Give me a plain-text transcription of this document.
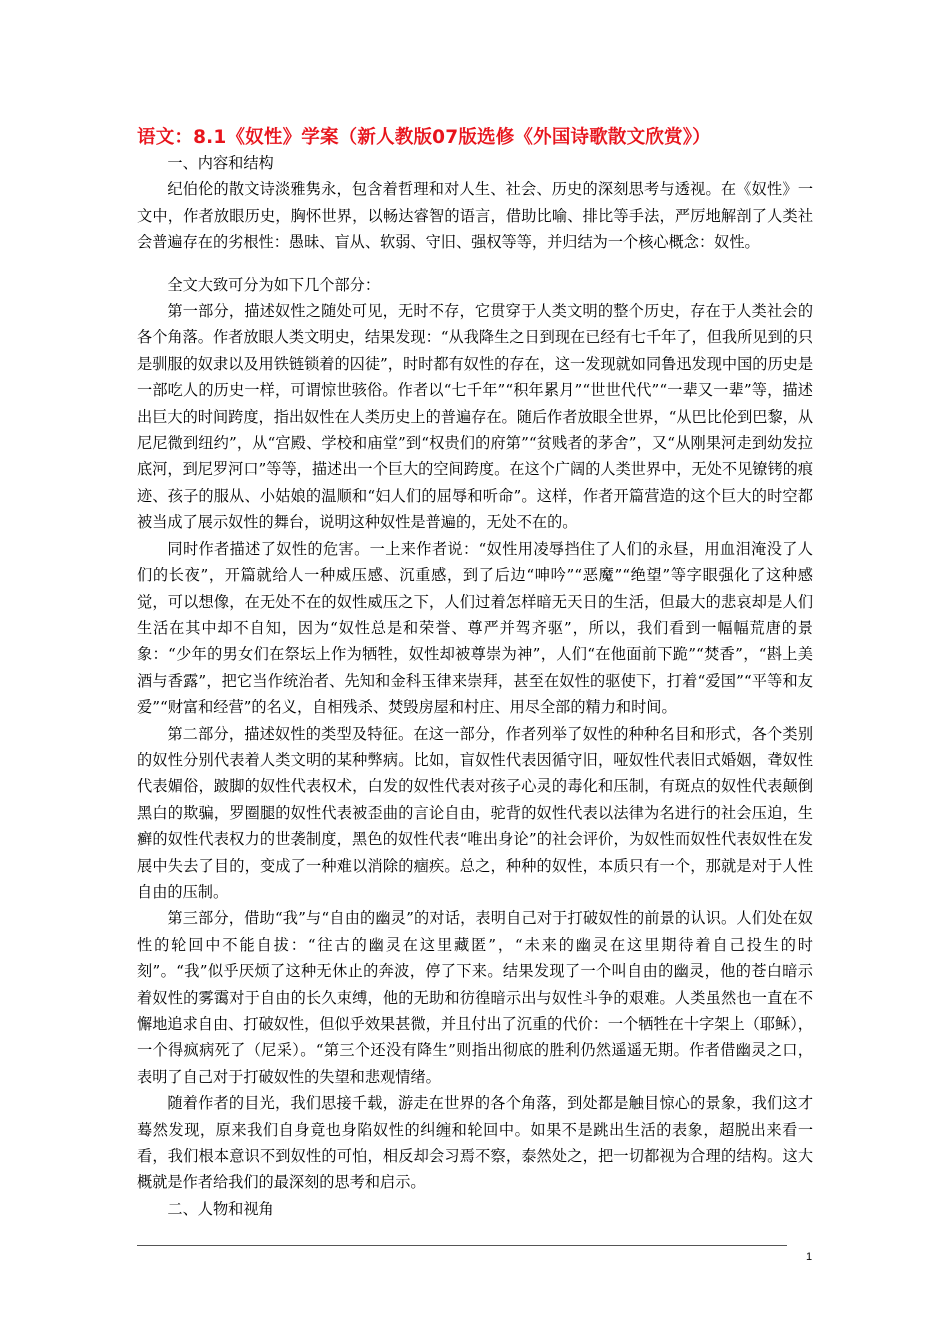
语文：8.1《奴性》学案（新人教版07版选修《外国诗歌散文欣赏》）

一、内容和结构

纪伯伦的散文诗淡雅隽永，包含着哲理和对人生、社会、历史的深刻思考与透视。在《奴性》一文中，作者放眼历史，胸怀世界，以畅达睿智的语言，借助比喻、排比等手法，严厉地解剖了人类社会普遍存在的劣根性：愚昧、盲从、软弱、守旧、强权等等，并归结为一个核心概念：奴性。

全文大致可分为如下几个部分：

第一部分，描述奴性之随处可见，无时不存，它贯穿于人类文明的整个历史，存在于人类社会的各个角落。作者放眼人类文明史，结果发现：“从我降生之日到现在已经有七千年了，但我所见到的只是驯服的奴隶以及用铁链锁着的囚徒”，时时都有奴性的存在，这一发现就如同鲁迅发现中国的历史是一部吃人的历史一样，可谓惊世骇俗。作者以“七千年”“积年累月”“世世代代”“一辈又一辈”等，描述出巨大的时间跨度，指出奴性在人类历史上的普遍存在。随后作者放眼全世界，“从巴比伦到巴黎，从尼尼微到纽约”，从“宫殿、学校和庙堂”到“权贵们的府第”“贫贱者的茅舍”，又“从刚果河走到幼发拉底河，到尼罗河口”等等，描述出一个巨大的空间跨度。在这个广阔的人类世界中，无处不见镣铐的痕迹、孩子的服从、小姑娘的温顺和“妇人们的屈辱和听命”。这样，作者开篇营造的这个巨大的时空都被当成了展示奴性的舞台，说明这种奴性是普遍的，无处不在的。

同时作者描述了奴性的危害。一上来作者说：“奴性用凌辱挡住了人们的永昼，用血泪淹没了人们的长夜”，开篇就给人一种威压感、沉重感，到了后边“呻吟”“恶魔”“绝望”等字眼强化了这种感觉，可以想像，在无处不在的奴性威压之下，人们过着怎样暗无天日的生活，但最大的悲哀却是人们生活在其中却不自知，因为“奴性总是和荣誉、尊严并驾齐驱”，所以，我们看到一幅幅荒唐的景象：“少年的男女们在祭坛上作为牺牲，奴性却被尊崇为神”，人们“在他面前下跪”“焚香”，“斟上美酒与香露”，把它当作统治者、先知和金科玉律来崇拜，甚至在奴性的驱使下，打着“爱国”“平等和友爱”“财富和经营”的名义，自相残杀、焚毁房屋和村庄、用尽全部的精力和时间。

第二部分，描述奴性的类型及特征。在这一部分，作者列举了奴性的种种名目和形式，各个类别的奴性分别代表着人类文明的某种弊病。比如，盲奴性代表因循守旧，哑奴性代表旧式婚姻，聋奴性代表媚俗，跛脚的奴性代表权术，白发的奴性代表对孩子心灵的毒化和压制，有斑点的奴性代表颠倒黑白的欺骗，罗圈腿的奴性代表被歪曲的言论自由，驼背的奴性代表以法律为名进行的社会压迫，生癣的奴性代表权力的世袭制度，黑色的奴性代表“唯出身论”的社会评价，为奴性而奴性代表奴性在发展中失去了目的，变成了一种难以消除的痼疾。总之，种种的奴性，本质只有一个，那就是对于人性自由的压制。

第三部分，借助“我”与“自由的幽灵”的对话，表明自己对于打破奴性的前景的认识。人们处在奴性的轮回中不能自拔：“往古的幽灵在这里藏匿”，“未来的幽灵在这里期待着自己投生的时刻”。“我”似乎厌烦了这种无休止的奔波，停了下来。结果发现了一个叫自由的幽灵，他的苍白暗示着奴性的雾霭对于自由的长久束缚，他的无助和彷徨暗示出与奴性斗争的艰难。人类虽然也一直在不懈地追求自由、打破奴性，但似乎效果甚微，并且付出了沉重的代价：一个牺牲在十字架上（耶稣），一个得疯病死了（尼采）。“第三个还没有降生”则指出彻底的胜利仍然遥遥无期。作者借幽灵之口，表明了自己对于打破奴性的失望和悲观情绪。

随着作者的目光，我们思接千载，游走在世界的各个角落，到处都是触目惊心的景象，我们这才蓦然发现，原来我们自身竟也身陷奴性的纠缠和轮回中。如果不是跳出生活的表象，超脱出来看一看，我们根本意识不到奴性的可怕，相反却会习焉不察，泰然处之，把一切都视为合理的结构。这大概就是作者给我们的最深刻的思考和启示。

二、人物和视角

1
